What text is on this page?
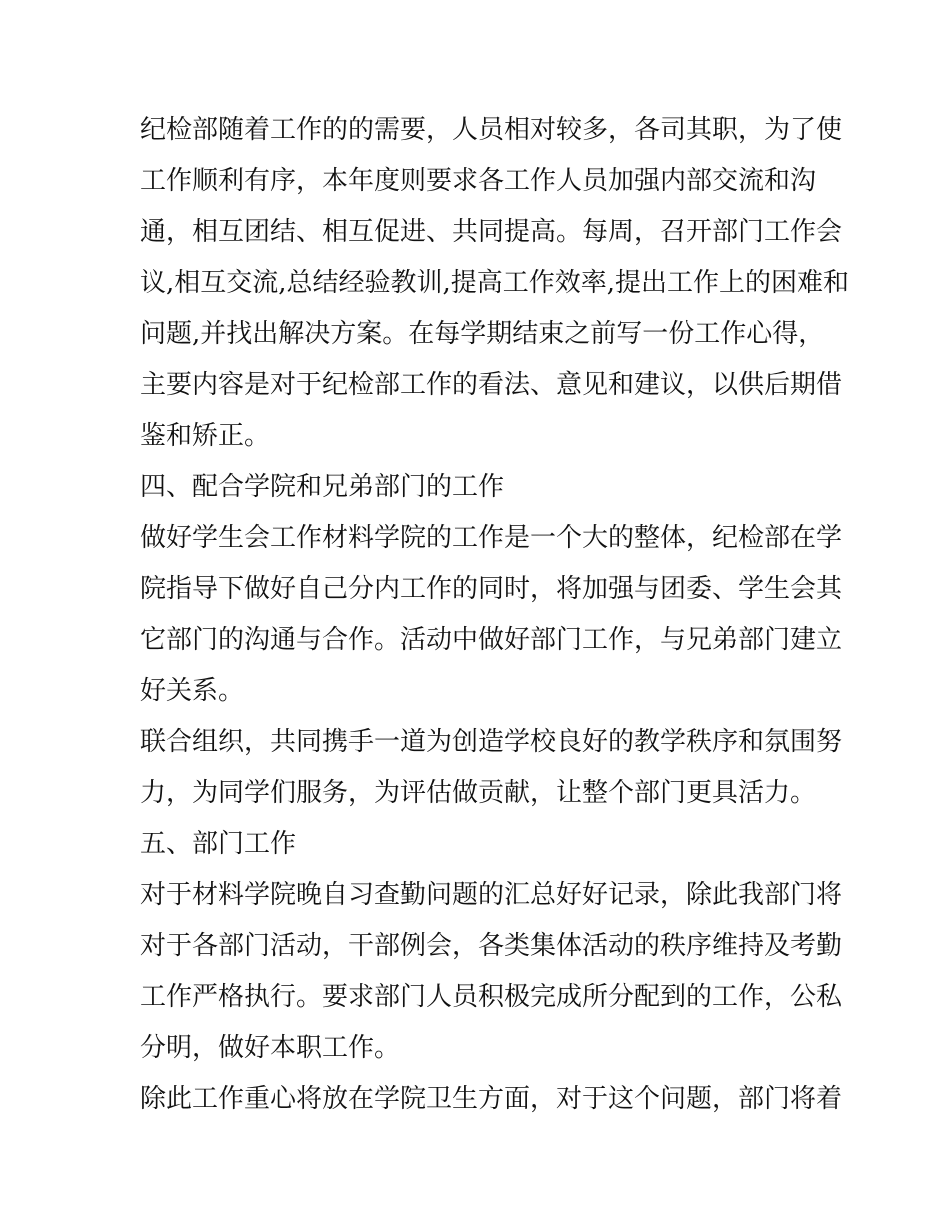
纪检部随着工作的的需要，人员相对较多，各司其职，为了使
工作顺利有序，本年度则要求各工作人员加强内部交流和沟
通，相互团结、相互促进、共同提高。每周，召开部门工作会
议,相互交流,总结经验教训,提高工作效率,提出工作上的困难和
问题,并找出解决方案。在每学期结束之前写一份工作心得，
主要内容是对于纪检部工作的看法、意见和建议，以供后期借
鉴和矫正。
四、配合学院和兄弟部门的工作
做好学生会工作材料学院的工作是一个大的整体，纪检部在学
院指导下做好自己分内工作的同时，将加强与团委、学生会其
它部门的沟通与合作。活动中做好部门工作，与兄弟部门建立
好关系。
联合组织，共同携手一道为创造学校良好的教学秩序和氛围努
力，为同学们服务，为评估做贡献，让整个部门更具活力。
五、部门工作
对于材料学院晚自习查勤问题的汇总好好记录，除此我部门将
对于各部门活动，干部例会，各类集体活动的秩序维持及考勤
工作严格执行。要求部门人员积极完成所分配到的工作，公私
分明，做好本职工作。
除此工作重心将放在学院卫生方面，对于这个问题，部门将着
